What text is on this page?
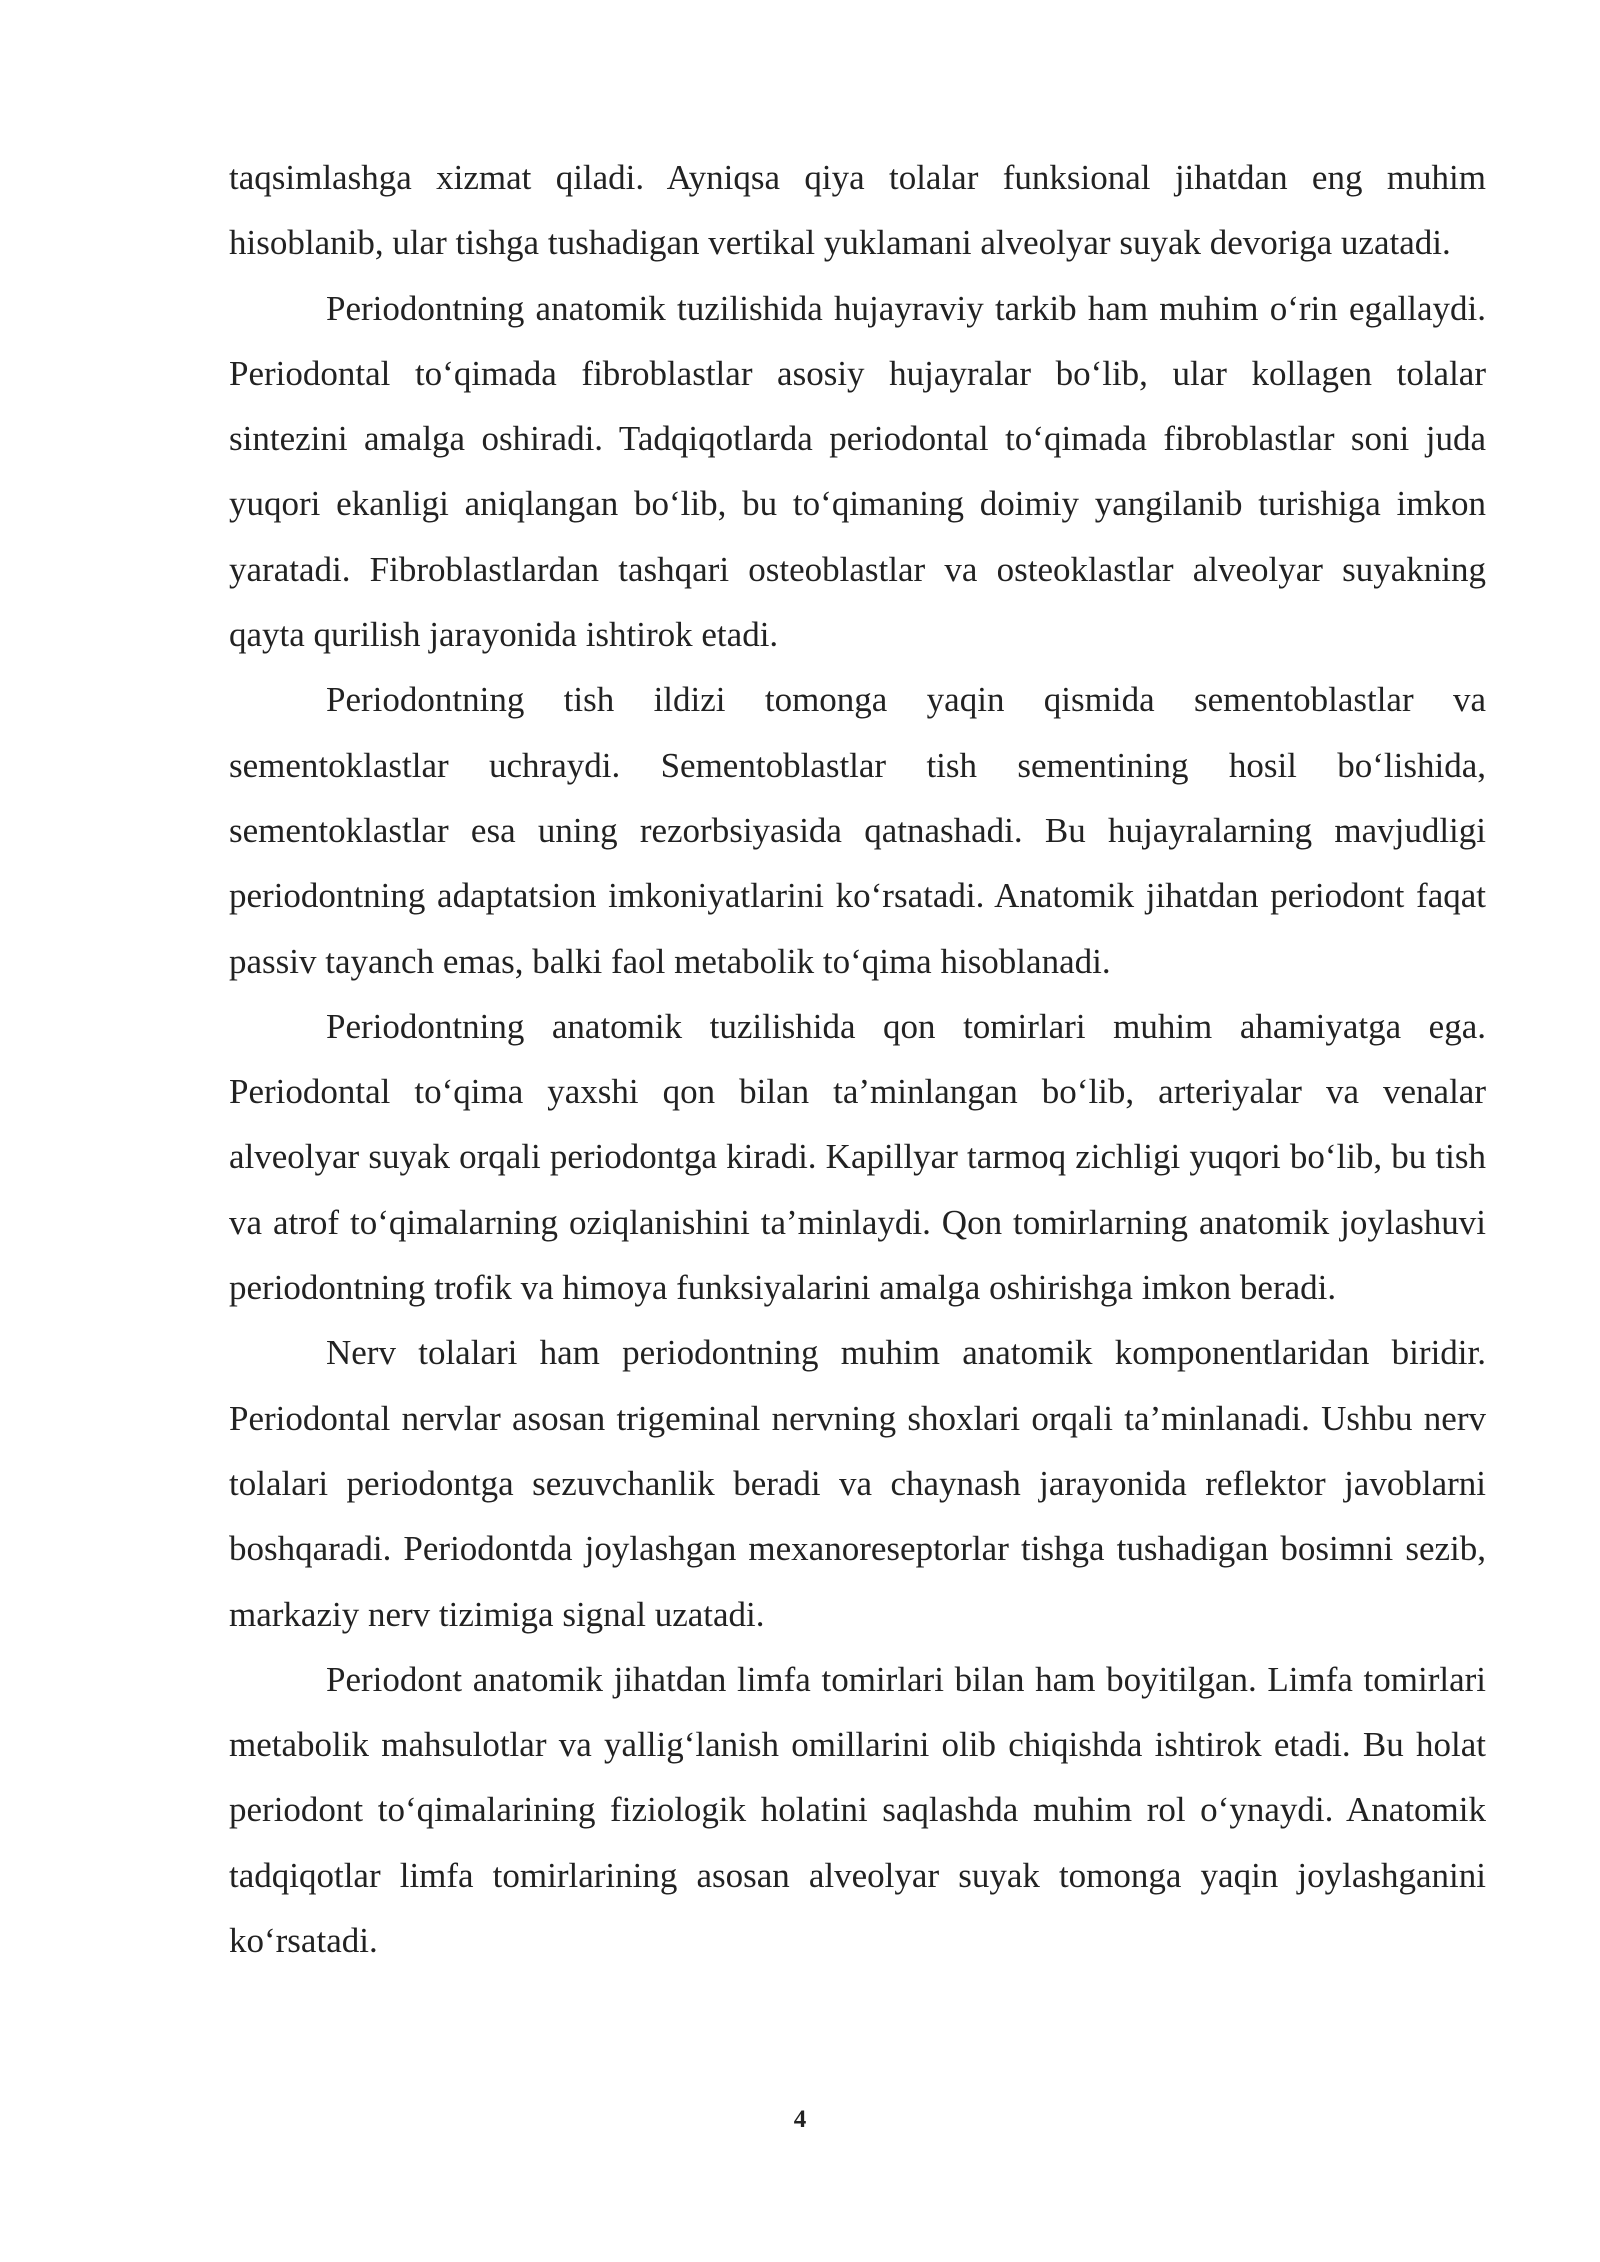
taqsimlashga xizmat qiladi. Ayniqsa qiya tolalar funksional jihatdan eng muhim hisoblanib, ular tishga tushadigan vertikal yuklamani alveolyar suyak devoriga uzatadi.

Periodontning anatomik tuzilishida hujayraviy tarkib ham muhim o‘rin egallaydi. Periodontal to‘qimada fibroblastlar asosiy hujayralar bo‘lib, ular kollagen tolalar sintezini amalga oshiradi. Tadqiqotlarda periodontal to‘qimada fibroblastlar soni juda yuqori ekanligi aniqlangan bo‘lib, bu to‘qimaning doimiy yangilanib turishiga imkon yaratadi. Fibroblastlardan tashqari osteoblastlar va osteoklastlar alveolyar suyakning qayta qurilish jarayonida ishtirok etadi.

Periodontning tish ildizi tomonga yaqin qismida sementoblastlar va sementoklastlar uchraydi. Sementoblastlar tish sementining hosil bo‘lishida, sementoklastlar esa uning rezorbsiyasida qatnashadi. Bu hujayralarning mavjudligi periodontning adaptatsion imkoniyatlarini ko‘rsatadi. Anatomik jihatdan periodont faqat passiv tayanch emas, balki faol metabolik to‘qima hisoblanadi.

Periodontning anatomik tuzilishida qon tomirlari muhim ahamiyatga ega. Periodontal to‘qima yaxshi qon bilan ta’minlangan bo‘lib, arteriyalar va venalar alveolyar suyak orqali periodontga kiradi. Kapillyar tarmoq zichligi yuqori bo‘lib, bu tish va atrof to‘qimalarning oziqlanishini ta’minlaydi. Qon tomirlarning anatomik joylashuvi periodontning trofik va himoya funksiyalarini amalga oshirishga imkon beradi.

Nerv tolalari ham periodontning muhim anatomik komponentlaridan biridir. Periodontal nervlar asosan trigeminal nervning shoxlari orqali ta’minlanadi. Ushbu nerv tolalari periodontga sezuvchanlik beradi va chaynash jarayonida reflektor javoblarni boshqaradi. Periodontda joylashgan mexanoreseptorlar tishga tushadigan bosimni sezib, markaziy nerv tizimiga signal uzatadi.

Periodont anatomik jihatdan limfa tomirlari bilan ham boyitilgan. Limfa tomirlari metabolik mahsulotlar va yallig‘lanish omillarini olib chiqishda ishtirok etadi. Bu holat periodont to‘qimalarining fiziologik holatini saqlashda muhim rol o‘ynaydi. Anatomik tadqiqotlar limfa tomirlarining asosan alveolyar suyak tomonga yaqin joylashganini ko‘rsatadi.

4
